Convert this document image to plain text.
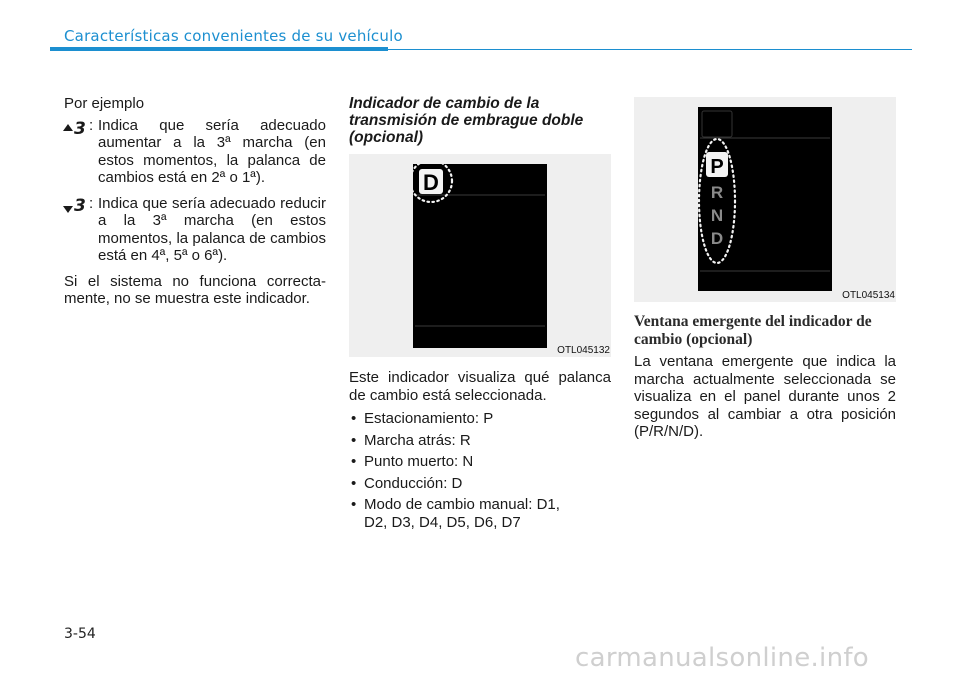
Características convenientes de su vehículo

Por ejemplo

3 : Indica que sería adecuado aumentar a la 3ª marcha (en estos momentos, la palanca de cambios está en 2ª o 1ª).
3 : Indica que sería adecuado reducir a la 3ª marcha (en estos momentos, la palanca de cambios está en 4ª, 5ª o 6ª).

Si el sistema no funciona correcta-mente, no se muestra este indicador.

Indicador de cambio de la transmisión de embrague doble (opcional)
D
OTL045132

Este indicador visualiza qué palanca de cambio está seleccionada.

• Estacionamiento: P
• Marcha atrás: R
• Punto muerto: N
• Conducción: D
• Modo de cambio manual: D1, D2, D3, D4, D5, D6, D7
P
R
N
D
OTL045134
Ventana emergente del indicador de cambio (opcional)

La ventana emergente que indica la marcha actualmente seleccionada se visualiza en el panel durante unos 2 segundos al cambiar a otra posición (P/R/N/D).

3-54
carmanualsonline.info
